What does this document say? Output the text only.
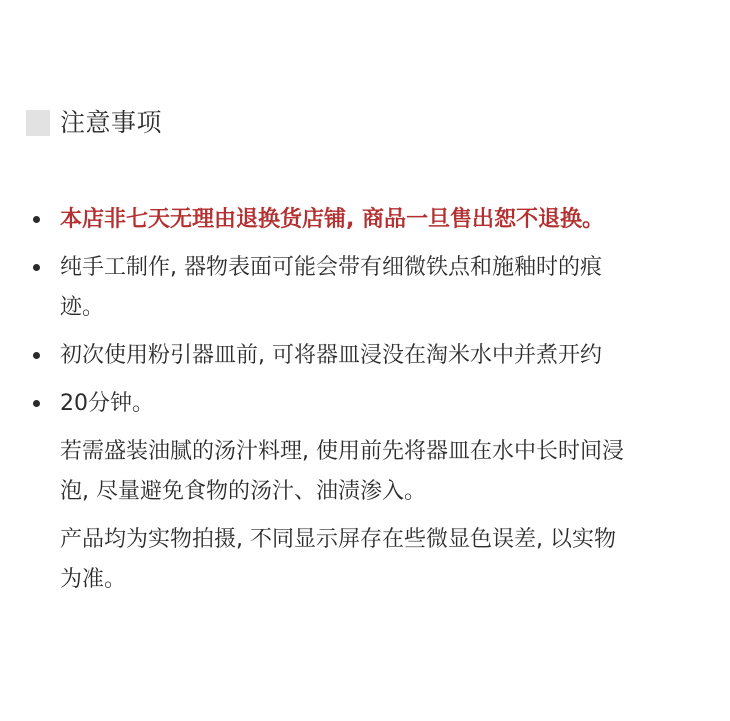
注意事项
本店非七天无理由退换货店铺, 商品一旦售出恕不退换。
纯手工制作, 器物表面可能会带有细微铁点和施釉时的痕
迹。
初次使用粉引器皿前, 可将器皿浸没在淘米水中并煮开约
20分钟。
若需盛装油腻的汤汁料理, 使用前先将器皿在水中长时间浸
泡, 尽量避免食物的汤汁、油渍渗入。
产品均为实物拍摄, 不同显示屏存在些微显色误差, 以实物
为准。
